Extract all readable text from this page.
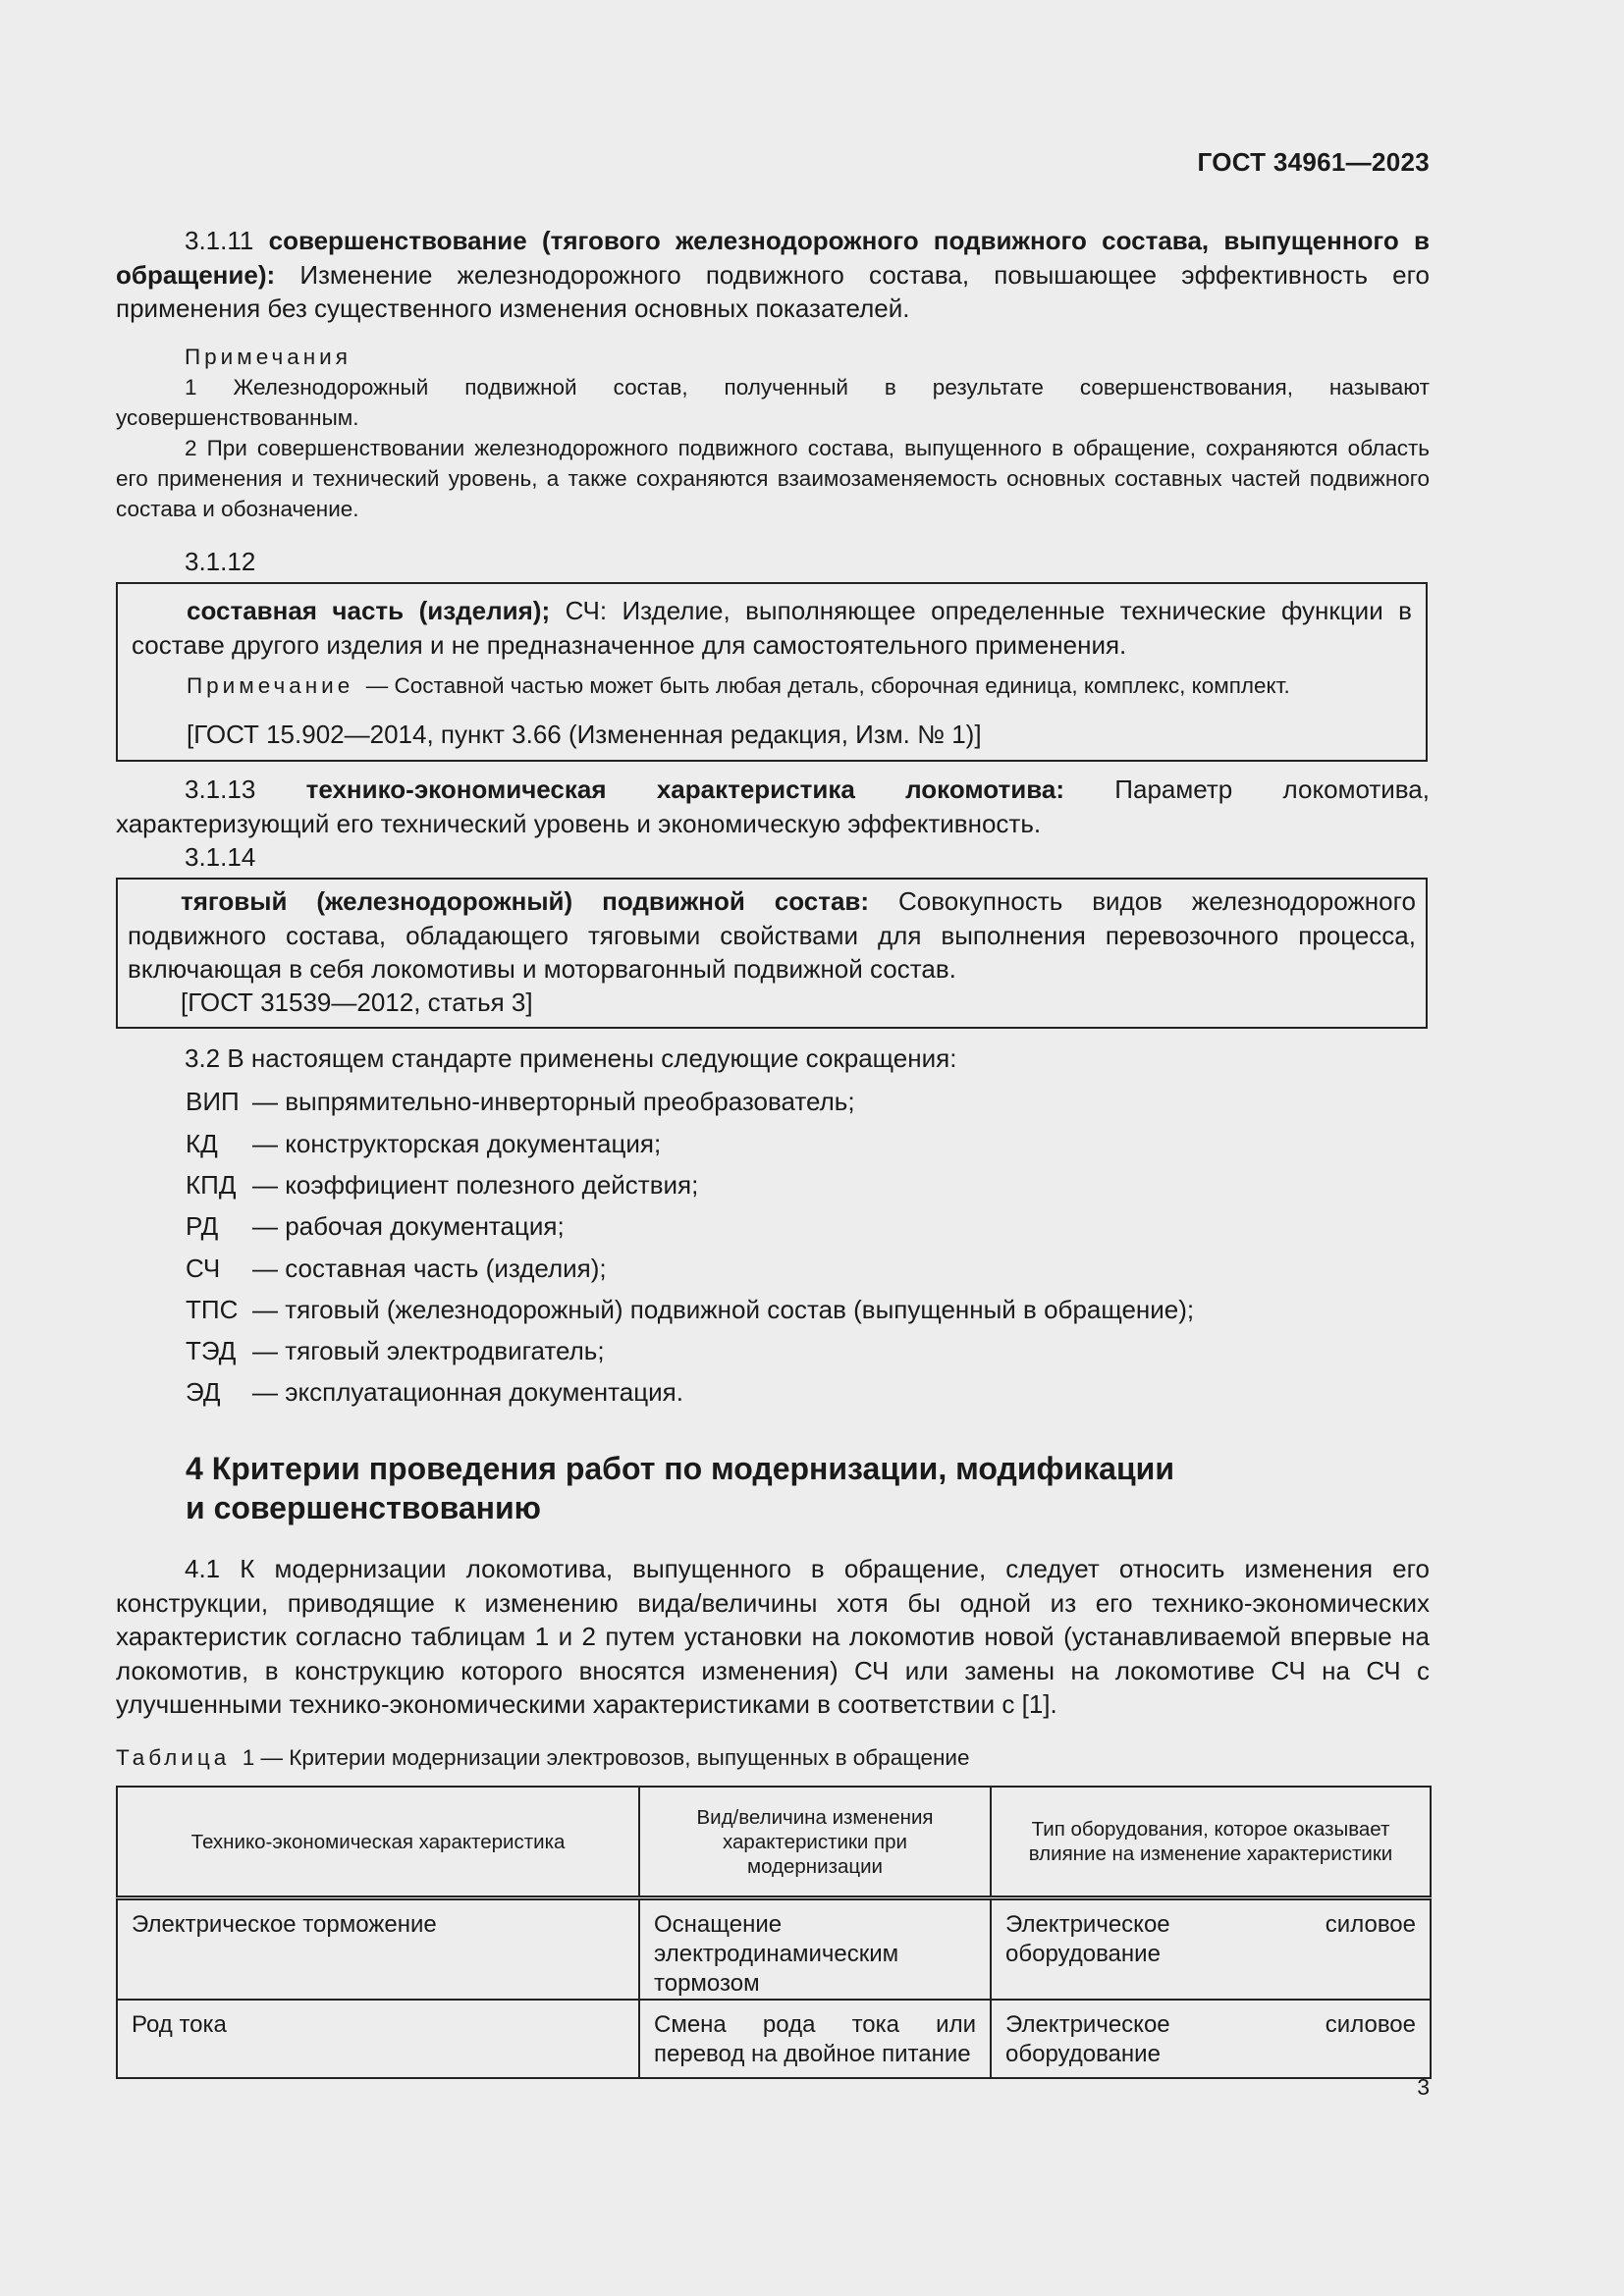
ГОСТ 34961—2023

3.1.11 совершенствование (тягового железнодорожного подвижного состава, выпущенного в обращение): Изменение железнодорожного подвижного состава, повышающее эффективность его применения без существенного изменения основных показателей.

Примечания

1 Железнодорожный подвижной состав, полученный в результате совершенствования, называют усовершенствованным.

2 При совершенствовании железнодорожного подвижного состава, выпущенного в обращение, сохраняются область его применения и технический уровень, а также сохраняются взаимозаменяемость основных составных частей подвижного состава и обозначение.

3.1.12

составная часть (изделия); СЧ: Изделие, выполняющее определенные технические функции в составе другого изделия и не предназначенное для самостоятельного применения.

Примечание — Составной частью может быть любая деталь, сборочная единица, комплекс, комплект.

[ГОСТ 15.902—2014, пункт 3.66 (Измененная редакция, Изм. № 1)]

3.1.13 технико-экономическая характеристика локомотива: Параметр локомотива, характеризующий его технический уровень и экономическую эффективность.

3.1.14

тяговый (железнодорожный) подвижной состав: Совокупность видов железнодорожного подвижного состава, обладающего тяговыми свойствами для выполнения перевозочного процесса, включающая в себя локомотивы и моторвагонный подвижной состав.

[ГОСТ 31539—2012, статья 3]

3.2 В настоящем стандарте применены следующие сокращения:

ВИП — выпрямительно-инверторный преобразователь;
КД — конструкторская документация;
КПД — коэффициент полезного действия;
РД — рабочая документация;
СЧ — составная часть (изделия);
ТПС — тяговый (железнодорожный) подвижной состав (выпущенный в обращение);
ТЭД — тяговый электродвигатель;
ЭД — эксплуатационная документация.
4 Критерии проведения работ по модернизации, модификации
и совершенствованию

4.1 К модернизации локомотива, выпущенного в обращение, следует относить изменения его конструкции, приводящие к изменению вида/величины хотя бы одной из его технико-экономических характеристик согласно таблицам 1 и 2 путем установки на локомотив новой (устанавливаемой впервые на локомотив, в конструкцию которого вносятся изменения) СЧ или замены на локомотиве СЧ на СЧ с улучшенными технико-экономическими характеристиками в соответствии с [1].

Таблица 1 — Критерии модернизации электровозов, выпущенных в обращение

Технико-экономическая характеристика	Вид/величина изменения характеристики при модернизации	Тип оборудования, которое оказывает влияние на изменение характеристики

Электрическое торможение	Оснащение электродинамическим тормозом	Электрическое силовое оборудование

Род тока	Смена рода тока или перевод на двойное питание	Электрическое силовое оборудование
3
